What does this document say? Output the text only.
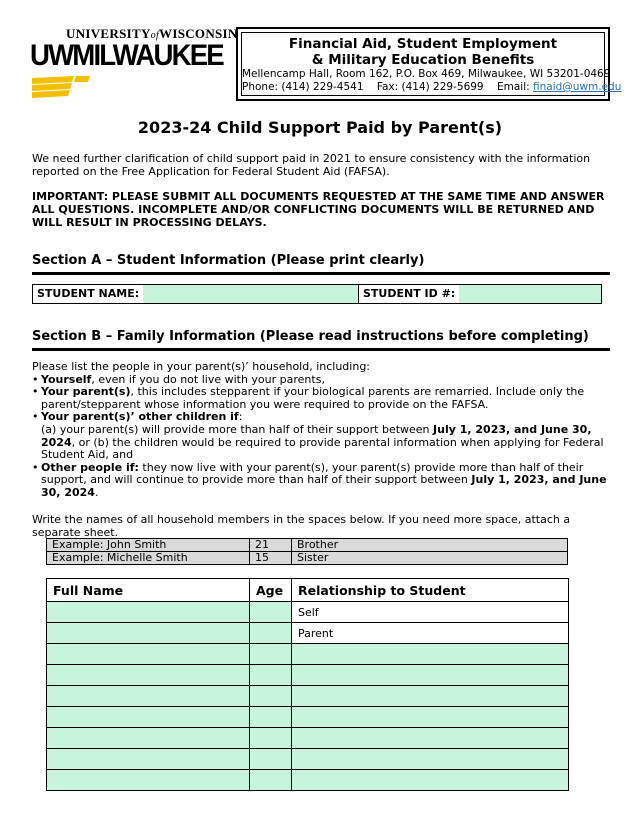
UNIVERSITYofWISCONSIN
UWMILWAUKEE	Financial Aid, Student Employment
& Military Education Benefits
Mellencamp Hall, Room 162, P.O. Box 469, Milwaukee, WI 53201-0469
Phone: (414) 229-4541 Fax: (414) 229-5699 Email: finaid@uwm.edu
2023-24 Child Support Paid by Parent(s)
We need further clarification of child support paid in 2021 to ensure consistency with the information reported on the Free Application for Federal Student Aid (FAFSA).
IMPORTANT: PLEASE SUBMIT ALL DOCUMENTS REQUESTED AT THE SAME TIME AND ANSWER ALL QUESTIONS. INCOMPLETE AND/OR CONFLICTING DOCUMENTS WILL BE RETURNED AND WILL RESULT IN PROCESSING DELAYS.
Section A – Student Information (Please print clearly)
STUDENT NAME:	STUDENT ID #:
Section B – Family Information (Please read instructions before completing)
Please list the people in your parent(s)’ household, including:
• Yourself, even if you do not live with your parents,
• Your parent(s), this includes stepparent if your biological parents are remarried. Include only the parent/stepparent whose information you were required to provide on the FAFSA.
• Your parent(s)’ other children if:
(a) your parent(s) will provide more than half of their support between July 1, 2023, and June 30, 2024, or (b) the children would be required to provide parental information when applying for Federal Student Aid, and
• Other people if: they now live with your parent(s), your parent(s) provide more than half of their support, and will continue to provide more than half of their support between July 1, 2023, and June 30, 2024.
Write the names of all household members in the spaces below. If you need more space, attach a separate sheet.
Example: John Smith	21	Brother
Example: Michelle Smith	15	Sister
Full Name	Age	Relationship to Student
		Self
		Parent
